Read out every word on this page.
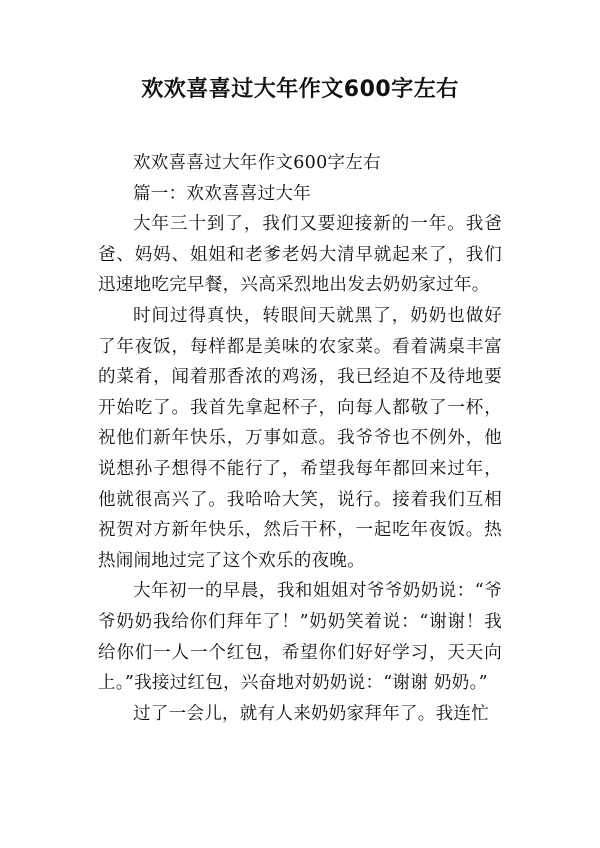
欢欢喜喜过大年作文600字左右

欢欢喜喜过大年作文600字左右

篇一：欢欢喜喜过大年

大年三十到了，我们又要迎接新的一年。我爸爸、妈妈、姐姐和老爹老妈大清早就起来了，我们迅速地吃完早餐，兴高采烈地出发去奶奶家过年。

时间过得真快，转眼间天就黑了，奶奶也做好了年夜饭，每样都是美味的农家菜。看着满桌丰富的菜肴，闻着那香浓的鸡汤，我已经迫不及待地要开始吃了。我首先拿起杯子，向每人都敬了一杯，祝他们新年快乐，万事如意。我爷爷也不例外，他说想孙子想得不能行了，希望我每年都回来过年，他就很高兴了。我哈哈大笑，说行。接着我们互相祝贺对方新年快乐，然后干杯，一起吃年夜饭。热热闹闹地过完了这个欢乐的夜晚。

大年初一的早晨，我和姐姐对爷爷奶奶说：“爷爷奶奶我给你们拜年了！”奶奶笑着说：“谢谢！我给你们一人一个红包，希望你们好好学习，天天向上。”我接过红包，兴奋地对奶奶说：“谢谢 奶奶。”

过了一会儿，就有人来奶奶家拜年了。我连忙
